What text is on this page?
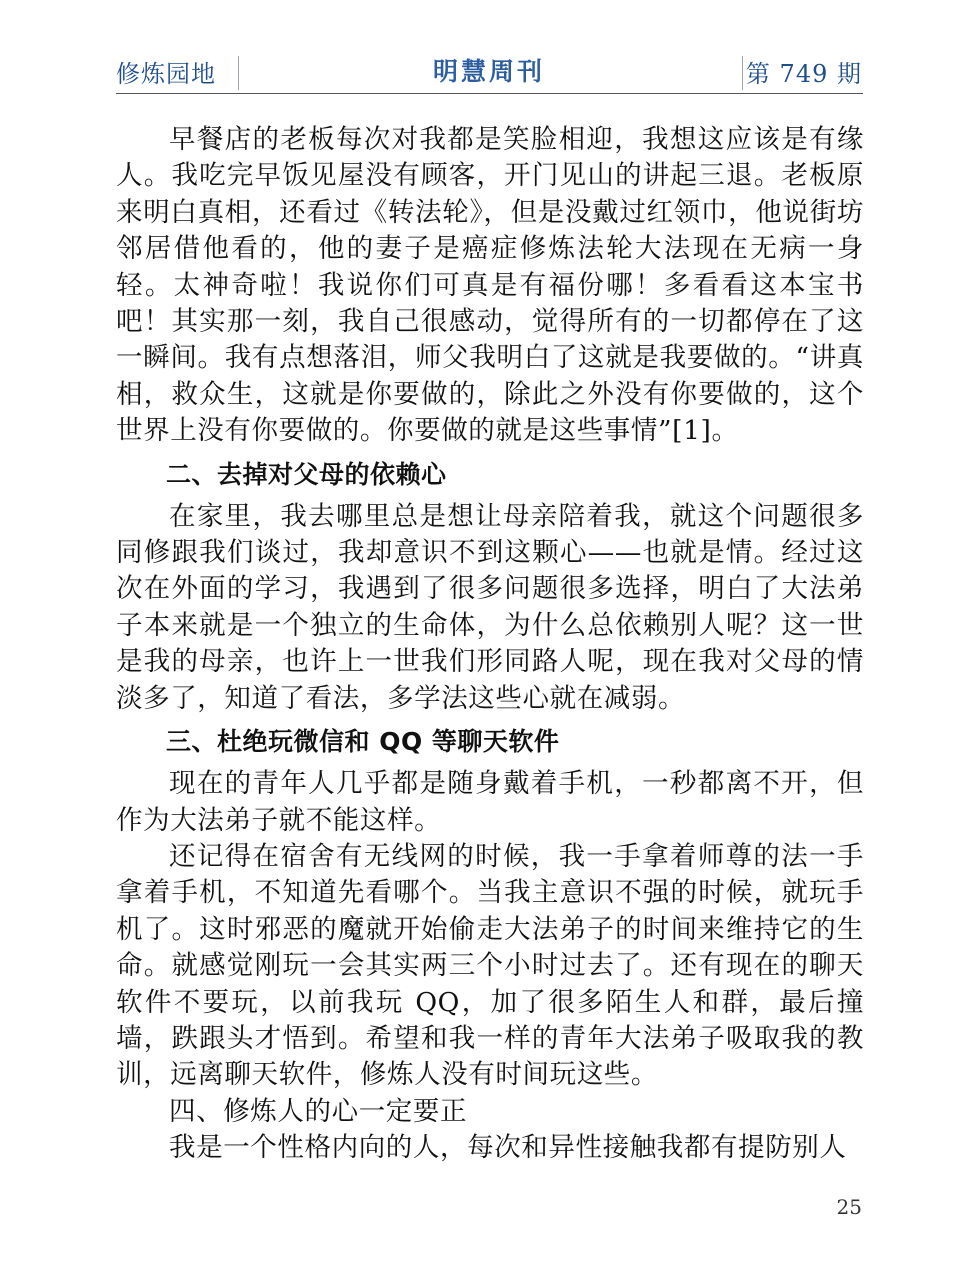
修炼园地	明慧周刊	第 749 期

早餐店的老板每次对我都是笑脸相迎，我想这应该是有缘人。我吃完早饭见屋没有顾客，开门见山的讲起三退。老板原来明白真相，还看过《转法轮》，但是没戴过红领巾，他说街坊邻居借他看的，他的妻子是癌症修炼法轮大法现在无病一身轻。太神奇啦！我说你们可真是有福份哪！多看看这本宝书吧！其实那一刻，我自己很感动，觉得所有的一切都停在了这一瞬间。我有点想落泪，师父我明白了这就是我要做的。“讲真相，救众生，这就是你要做的，除此之外没有你要做的，这个世界上没有你要做的。你要做的就是这些事情”[1]。

二、去掉对父母的依赖心

在家里，我去哪里总是想让母亲陪着我，就这个问题很多同修跟我们谈过，我却意识不到这颗心——也就是情。经过这次在外面的学习，我遇到了很多问题很多选择，明白了大法弟子本来就是一个独立的生命体，为什么总依赖别人呢？这一世是我的母亲，也许上一世我们形同路人呢，现在我对父母的情淡多了，知道了看法，多学法这些心就在减弱。

三、杜绝玩微信和 QQ 等聊天软件

现在的青年人几乎都是随身戴着手机，一秒都离不开，但作为大法弟子就不能这样。

还记得在宿舍有无线网的时候，我一手拿着师尊的法一手拿着手机，不知道先看哪个。当我主意识不强的时候，就玩手机了。这时邪恶的魔就开始偷走大法弟子的时间来维持它的生命。就感觉刚玩一会其实两三个小时过去了。还有现在的聊天软件不要玩，以前我玩 QQ，加了很多陌生人和群，最后撞墙，跌跟头才悟到。希望和我一样的青年大法弟子吸取我的教训，远离聊天软件，修炼人没有时间玩这些。

四、修炼人的心一定要正

我是一个性格内向的人，每次和异性接触我都有提防别人

25
